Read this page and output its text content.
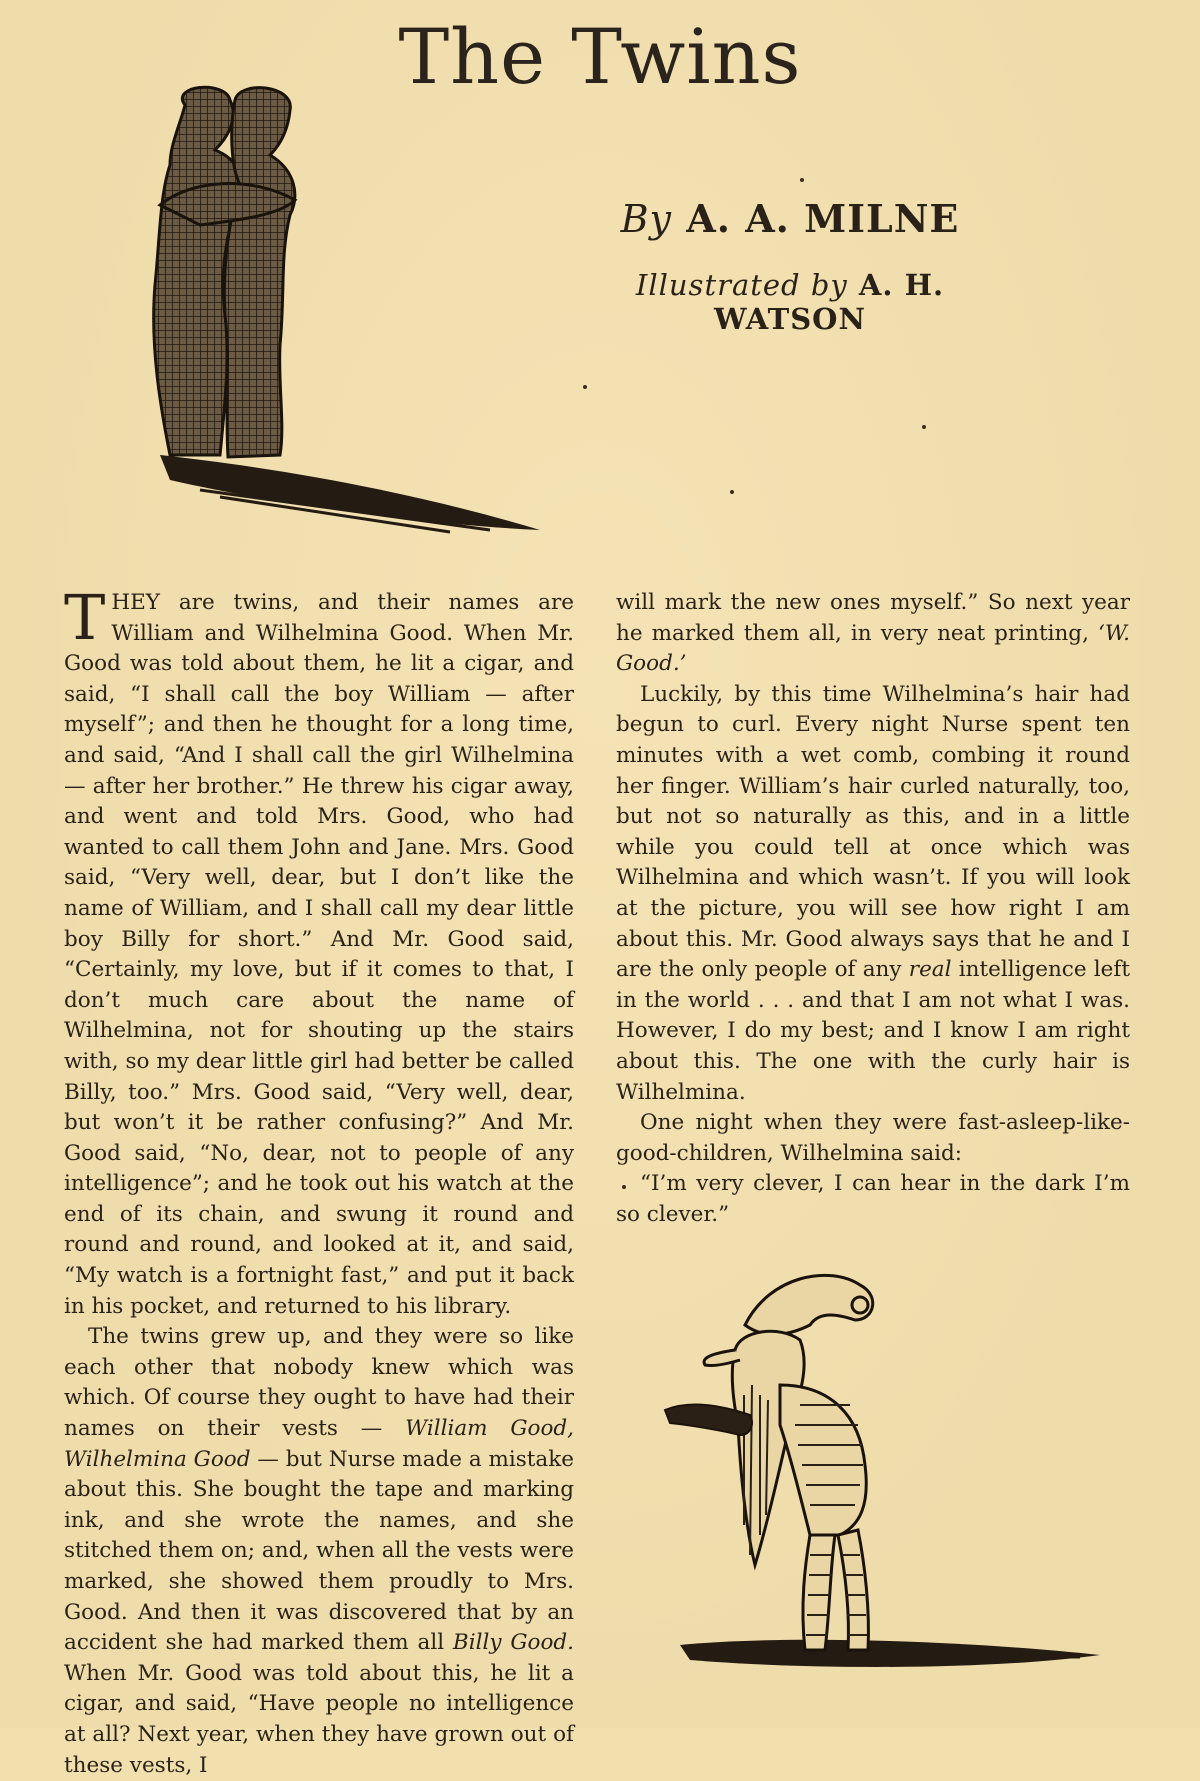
The Twins
By A. A. MILNE
Illustrated by A. H. WATSON

THEY are twins, and their names are William and Wilhelmina Good. When Mr. Good was told about them, he lit a cigar, and said, “I shall call the boy William — after myself”; and then he thought for a long time, and said, “And I shall call the girl Wilhelmina — after her brother.” He threw his cigar away, and went and told Mrs. Good, who had wanted to call them John and Jane. Mrs. Good said, “Very well, dear, but I don’t like the name of William, and I shall call my dear little boy Billy for short.” And Mr. Good said, “Certainly, my love, but if it comes to that, I don’t much care about the name of Wilhelmina, not for shouting up the stairs with, so my dear little girl had better be called Billy, too.” Mrs. Good said, “Very well, dear, but won’t it be rather confusing?” And Mr. Good said, “No, dear, not to people of any intelligence”; and he took out his watch at the end of its chain, and swung it round and round and round, and looked at it, and said, “My watch is a fortnight fast,” and put it back in his pocket, and returned to his library.

The twins grew up, and they were so like each other that nobody knew which was which. Of course they ought to have had their names on their vests — William Good, Wilhelmina Good — but Nurse made a mistake about this. She bought the tape and marking ink, and she wrote the names, and she stitched them on; and, when all the vests were marked, she showed them proudly to Mrs. Good. And then it was discovered that by an accident she had marked them all Billy Good. When Mr. Good was told about this, he lit a cigar, and said, “Have people no intelligence at all? Next year, when they have grown out of these vests, I

will mark the new ones myself.” So next year he marked them all, in very neat printing, ‘W. Good.’

Luckily, by this time Wilhelmina’s hair had begun to curl. Every night Nurse spent ten minutes with a wet comb, combing it round her finger. William’s hair curled naturally, too, but not so naturally as this, and in a little while you could tell at once which was Wilhelmina and which wasn’t. If you will look at the picture, you will see how right I am about this. Mr. Good always says that he and I are the only people of any real intelligence left in the world . . . and that I am not what I was. However, I do my best; and I know I am right about this. The one with the curly hair is Wilhelmina.

One night when they were fast-asleep-like-good-children, Wilhelmina said:

“I’m very clever, I can hear in the dark I’m so clever.”
